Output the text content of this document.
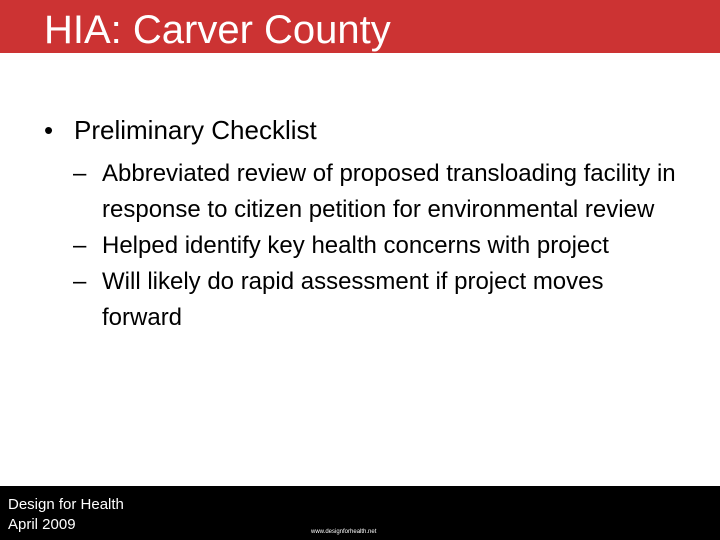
HIA: Carver County
• Preliminary Checklist
– Abbreviated review of proposed transloading facility in response to citizen petition for environmental review
– Helped identify key health concerns with project
– Will likely do rapid assessment if project moves forward
Design for Health
April 2009	www.designforhealth.net
